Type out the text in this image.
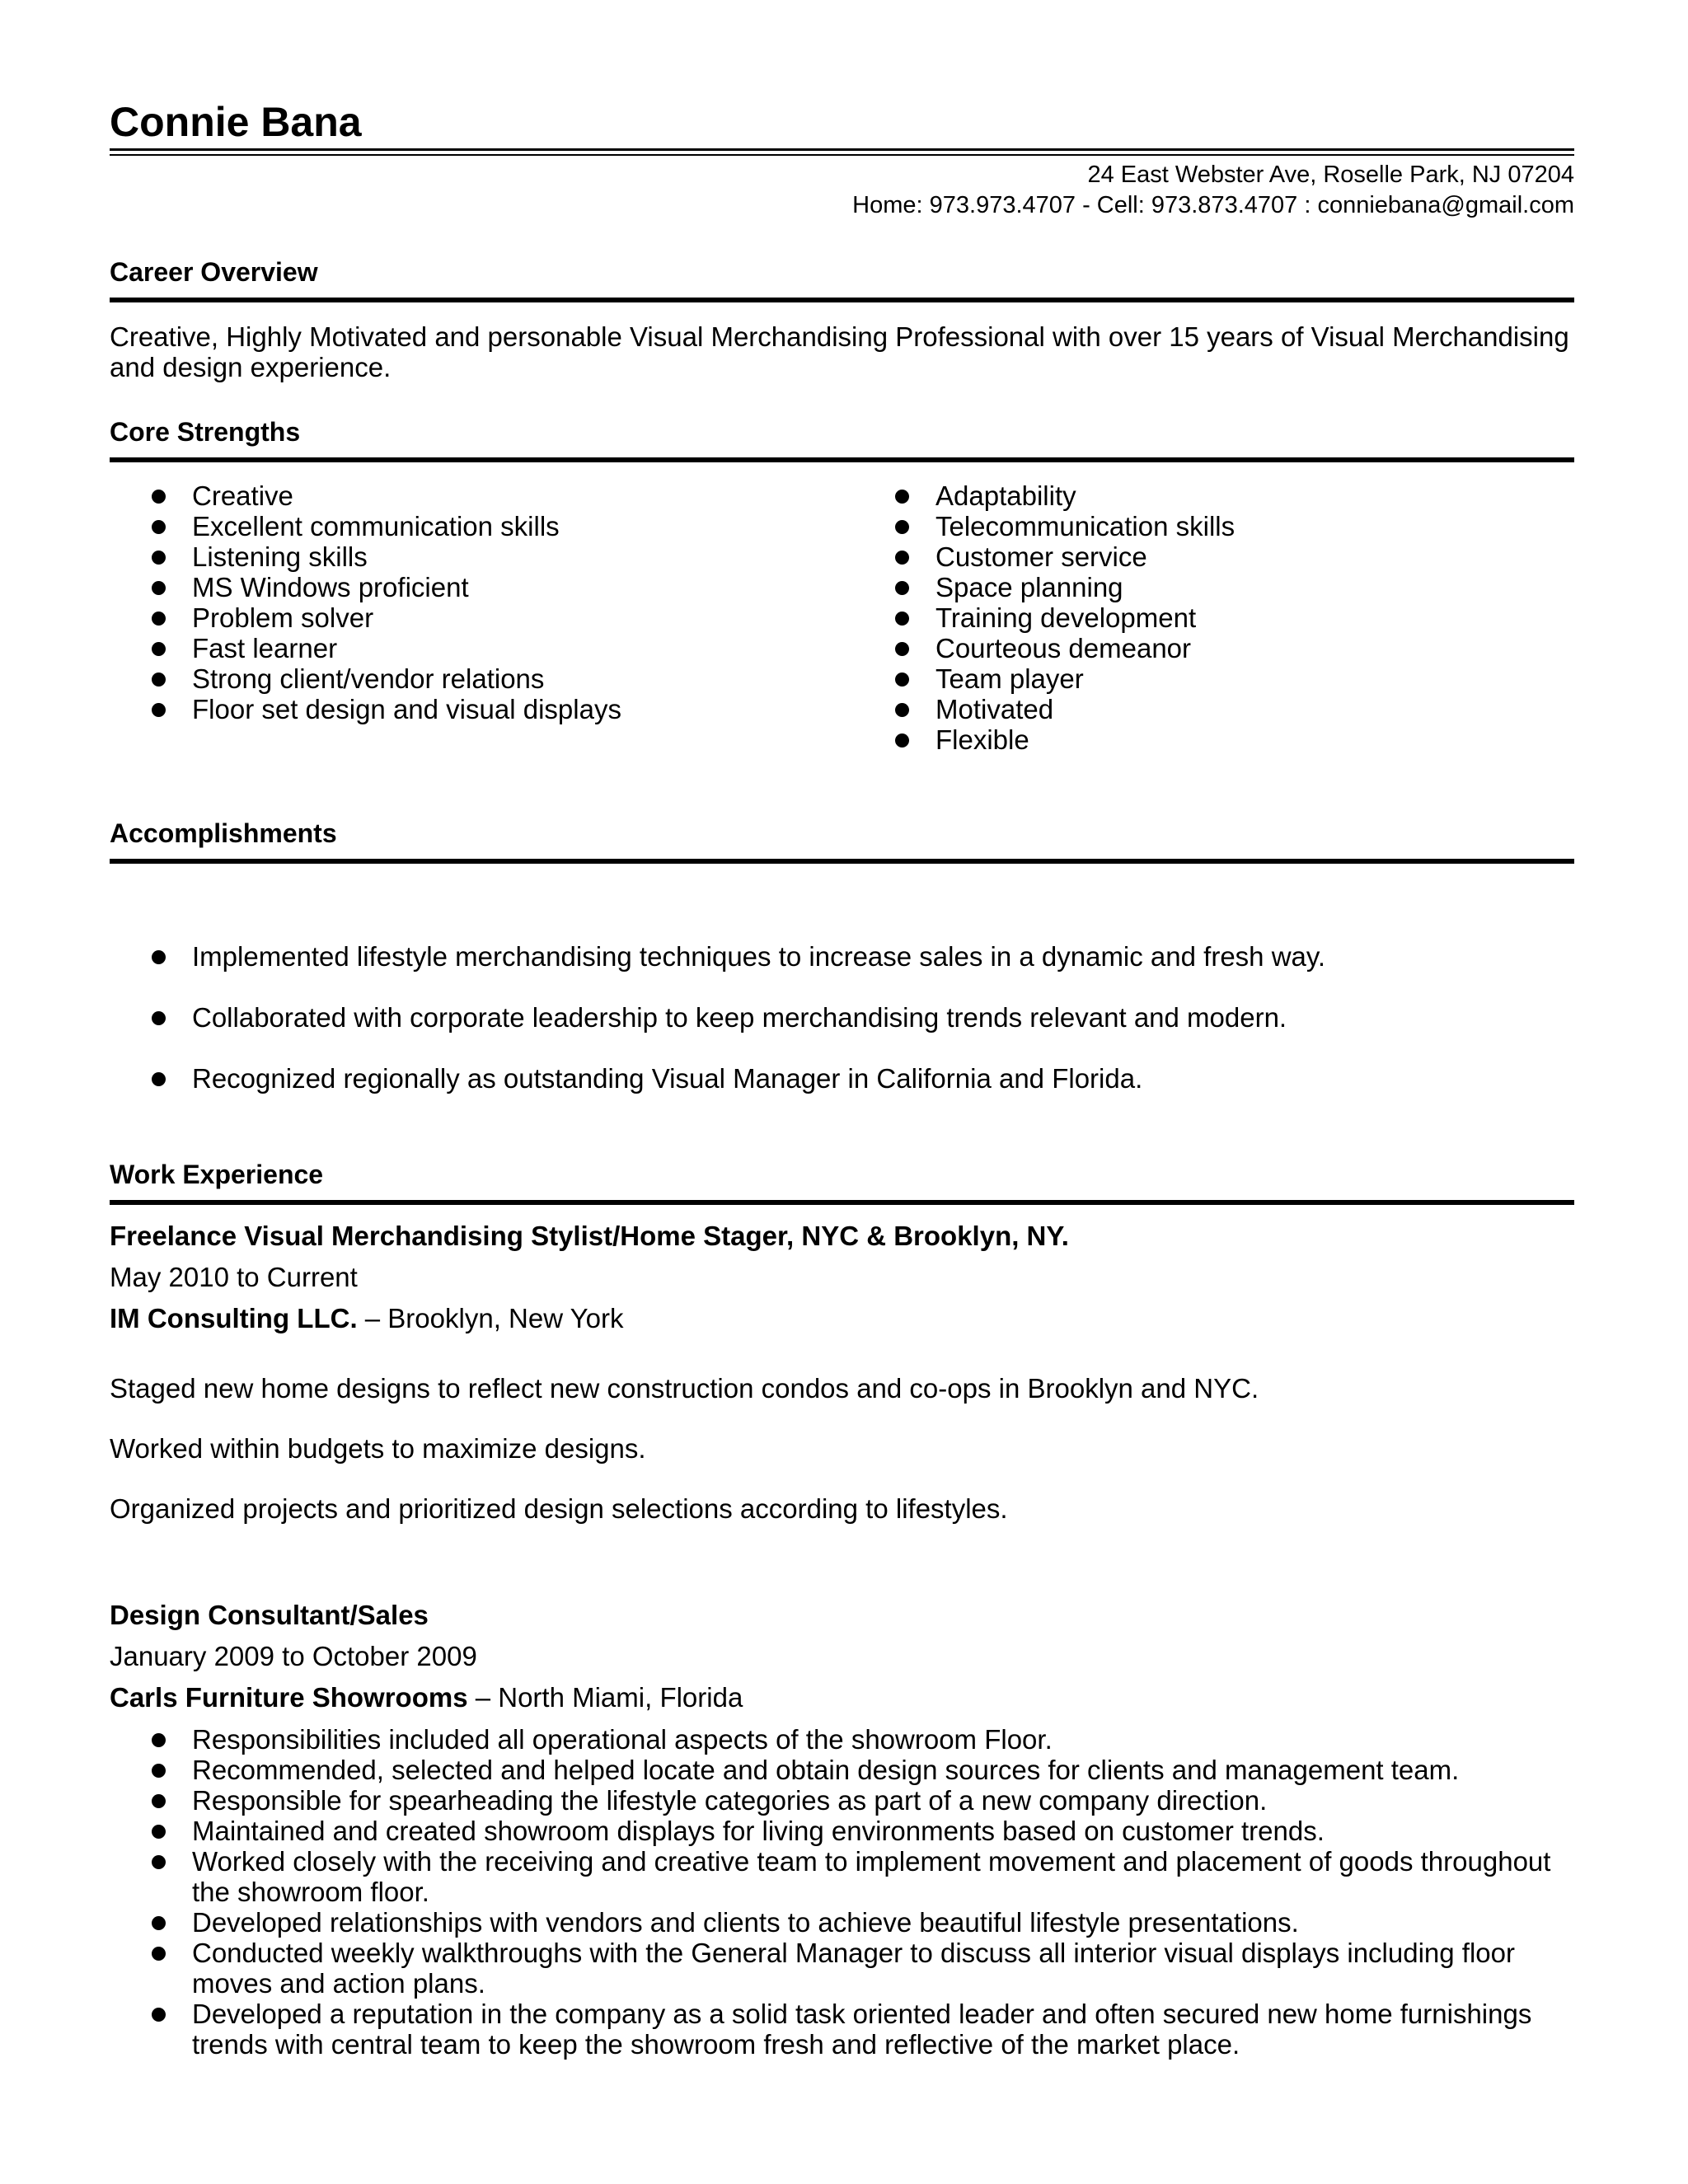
Connie Bana
24 East Webster Ave, Roselle Park, NJ 07204
Home: 973.973.4707 - Cell: 973.873.4707 : conniebana@gmail.com
Career Overview

Creative, Highly Motivated and personable Visual Merchandising Professional with over 15 years of Visual Merchandising and design experience.

Core Strengths
Creative
Excellent communication skills
Listening skills
MS Windows proficient
Problem solver
Fast learner
Strong client/vendor relations
Floor set design and visual displays
Adaptability
Telecommunication skills
Customer service
Space planning
Training development
Courteous demeanor
Team player
Motivated
Flexible
Accomplishments
Implemented lifestyle merchandising techniques to increase sales in a dynamic and fresh way.
Collaborated with corporate leadership to keep merchandising trends relevant and modern.
Recognized regionally as outstanding Visual Manager in California and Florida.
Work Experience

Freelance Visual Merchandising Stylist/Home Stager, NYC & Brooklyn, NY.

May 2010 to Current

IM Consulting LLC. – Brooklyn, New York

Staged new home designs to reflect new construction condos and co-ops in Brooklyn and NYC.

Worked within budgets to maximize designs.

Organized projects and prioritized design selections according to lifestyles.

Design Consultant/Sales

January 2009 to October 2009

Carls Furniture Showrooms – North Miami, Florida

Responsibilities included all operational aspects of the showroom Floor.
Recommended, selected and helped locate and obtain design sources for clients and management team.
Responsible for spearheading the lifestyle categories as part of a new company direction.
Maintained and created showroom displays for living environments based on customer trends.
Worked closely with the receiving and creative team to implement movement and placement of goods throughout the showroom floor.
Developed relationships with vendors and clients to achieve beautiful lifestyle presentations.
Conducted weekly walkthroughs with the General Manager to discuss all interior visual displays including floor moves and action plans.
Developed a reputation in the company as a solid task oriented leader and often secured new home furnishings trends with central team to keep the showroom fresh and reflective of the market place.
